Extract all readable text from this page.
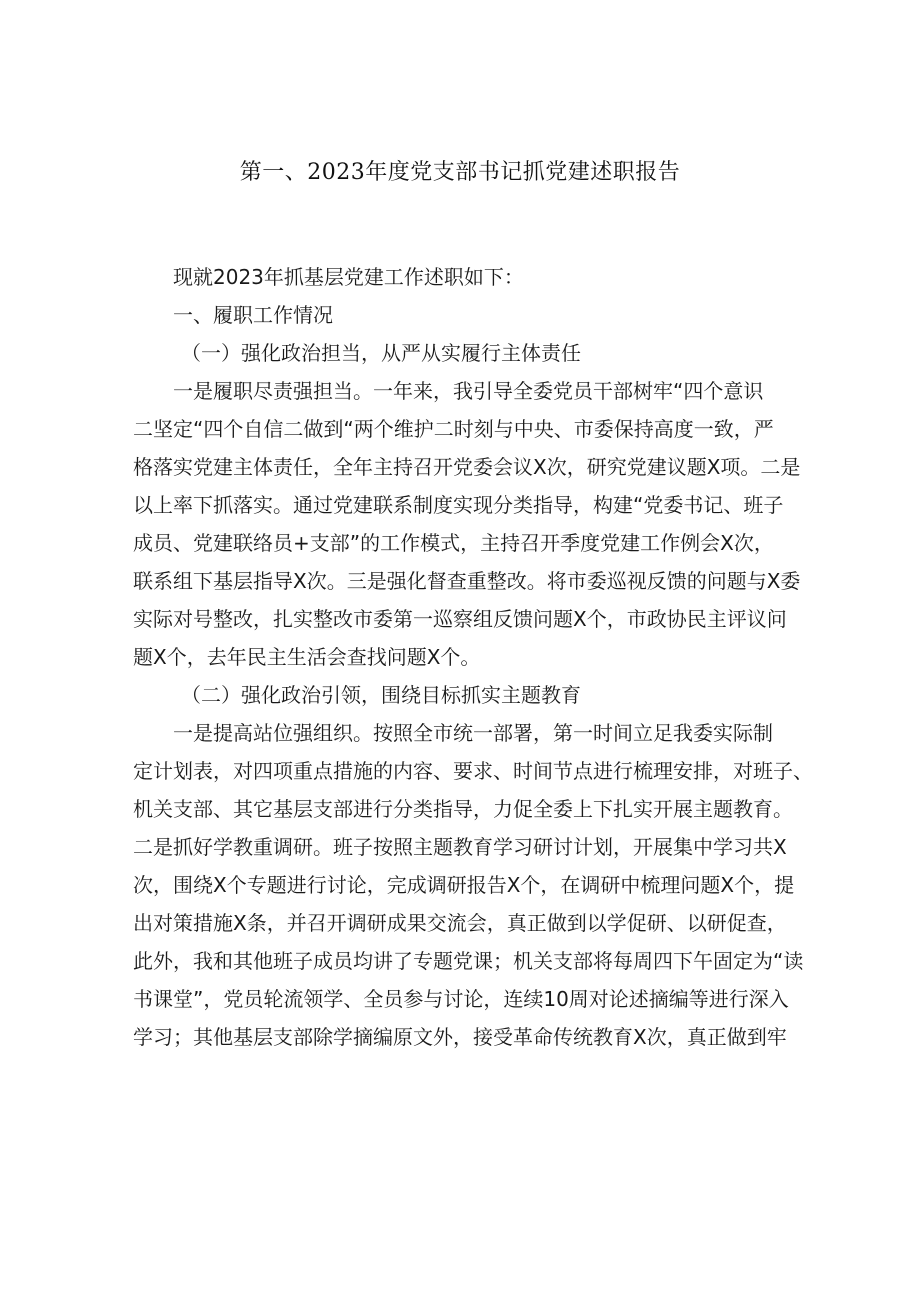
第一、2023年度党支部书记抓党建述职报告
现就2023年抓基层党建工作述职如下：
一、履职工作情况
（一）强化政治担当，从严从实履行主体责任
一是履职尽责强担当。一年来，我引导全委党员干部树牢“四个意识
二坚定“四个自信二做到“两个维护二时刻与中央、市委保持高度一致，严
格落实党建主体责任，全年主持召开党委会议X次，研究党建议题X项。二是
以上率下抓落实。通过党建联系制度实现分类指导，构建“党委书记、班子
成员、党建联络员+支部”的工作模式，主持召开季度党建工作例会X次，
联系组下基层指导X次。三是强化督查重整改。将市委巡视反馈的问题与X委
实际对号整改，扎实整改市委第一巡察组反馈问题X个，市政协民主评议问
题X个，去年民主生活会查找问题X个。
（二）强化政治引领，围绕目标抓实主题教育
一是提高站位强组织。按照全市统一部署，第一时间立足我委实际制
定计划表，对四项重点措施的内容、要求、时间节点进行梳理安排，对班子、
机关支部、其它基层支部进行分类指导，力促全委上下扎实开展主题教育。
二是抓好学教重调研。班子按照主题教育学习研讨计划，开展集中学习共X
次，围绕X个专题进行讨论，完成调研报告X个，在调研中梳理问题X个，提
出对策措施X条，并召开调研成果交流会，真正做到以学促研、以研促查，
此外，我和其他班子成员均讲了专题党课；机关支部将每周四下午固定为“读
书课堂”，党员轮流领学、全员参与讨论，连续10周对论述摘编等进行深入
学习；其他基层支部除学摘编原文外，接受革命传统教育X次，真正做到牢
